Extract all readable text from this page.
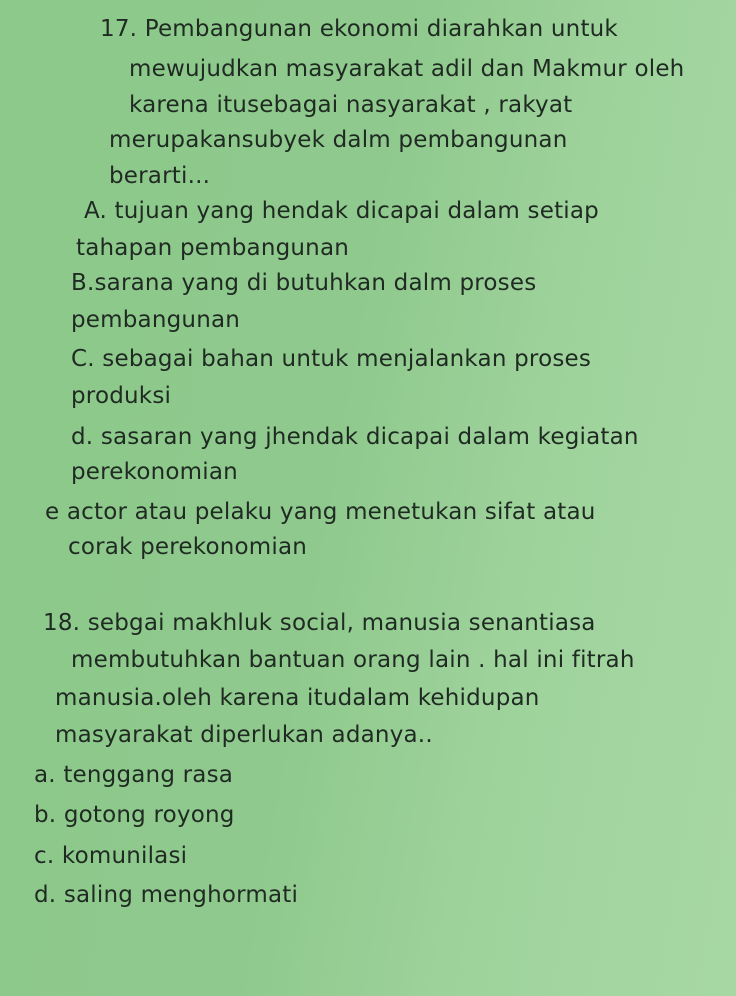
17. Pembangunan ekonomi diarahkan untuk
mewujudkan masyarakat adil dan Makmur oleh
karena itusebagai nasyarakat , rakyat
merupakansubyek dalm pembangunan
berarti...
A. tujuan yang hendak dicapai dalam setiap
tahapan pembangunan
B.sarana yang di butuhkan dalm proses
pembangunan
C. sebagai bahan untuk menjalankan proses
produksi
d. sasaran yang jhendak dicapai dalam kegiatan
perekonomian
e actor atau pelaku yang menetukan sifat atau
corak perekonomian
18. sebgai makhluk social, manusia senantiasa
membutuhkan bantuan orang lain . hal ini fitrah
manusia.oleh karena itudalam kehidupan
masyarakat diperlukan adanya..
a. tenggang rasa
b. gotong royong
c. komunilasi
d. saling menghormati
